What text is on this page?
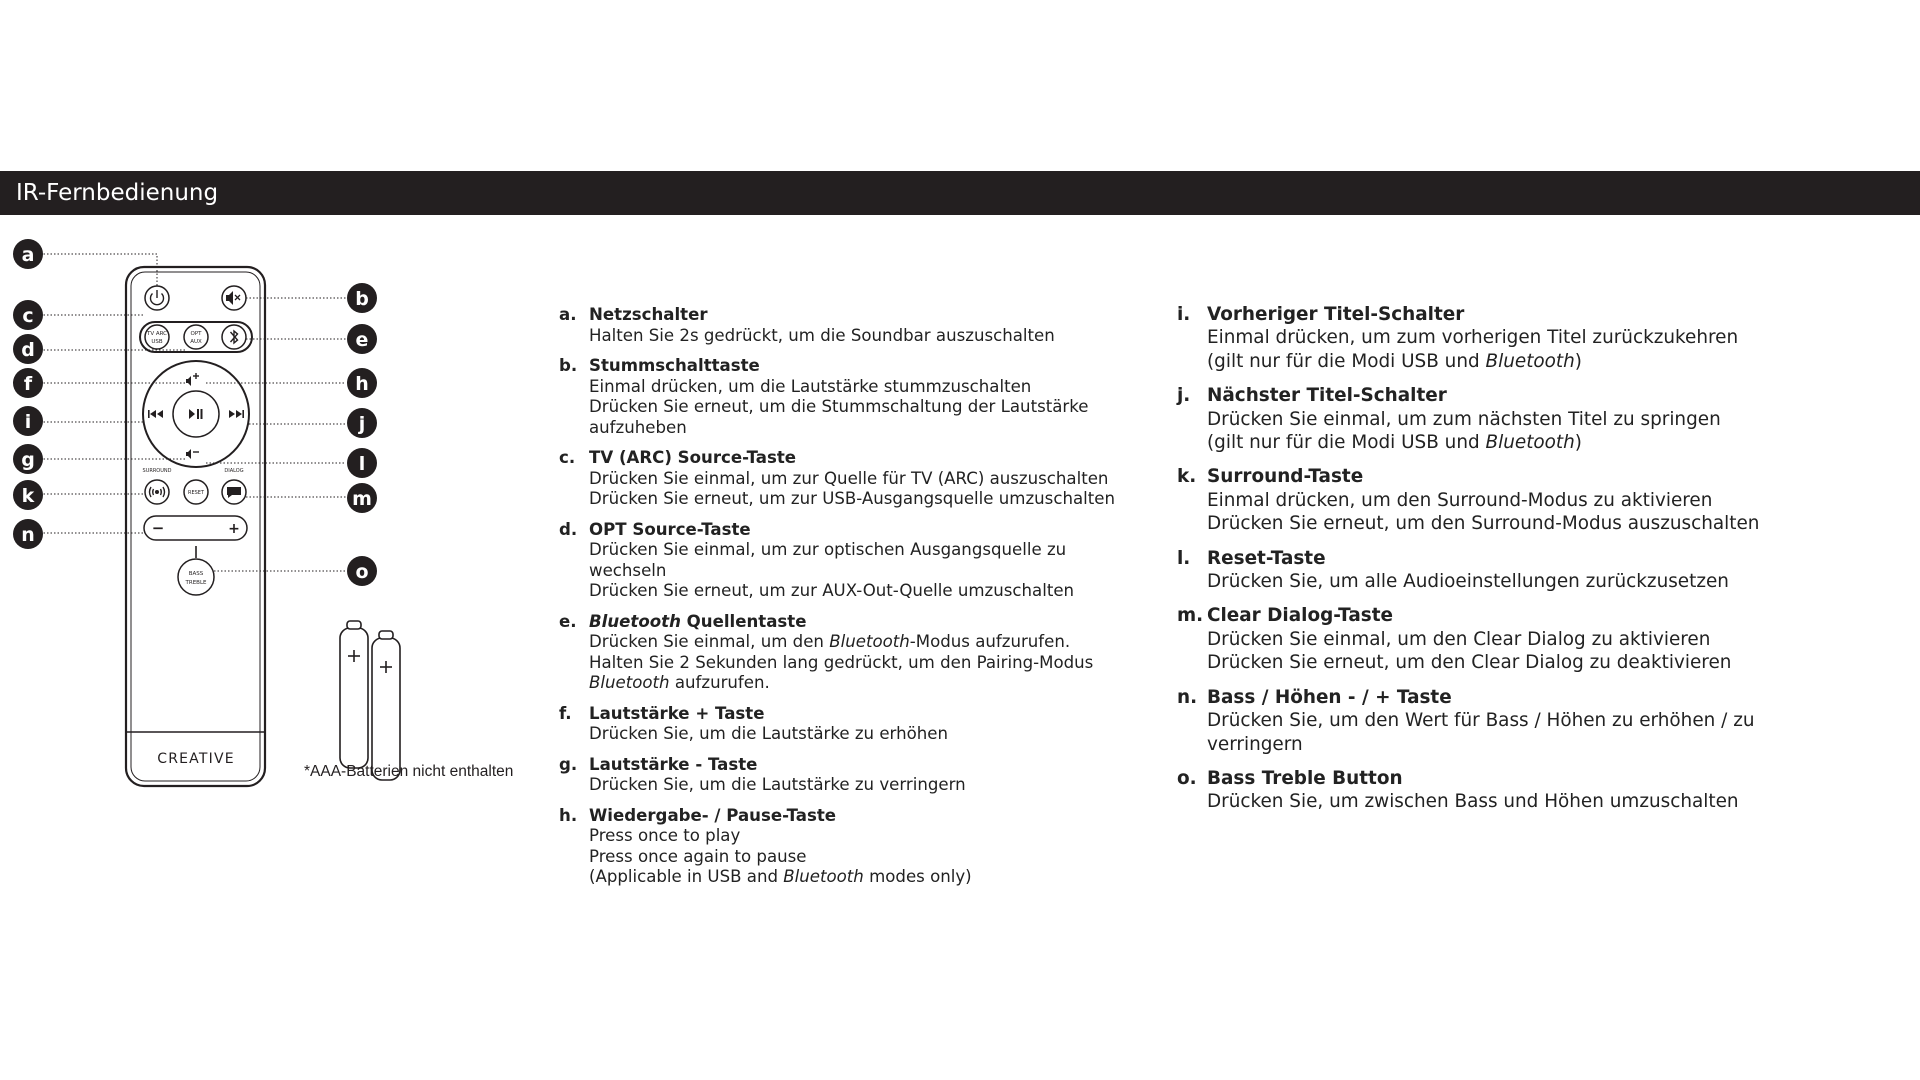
IR-Fernbedienung
TV ARC
USB
OPT
AUX
SURROUND	DIALOG
RESET
BASS
TREBLE
−	+
CREATIVE
a
b
c
d	e
f
g
h
i	j
k
l
m
n
o
*AAA-Batterien nicht enthalten
a. Netzschalter
Halten Sie 2s gedrückt, um die Soundbar auszuschalten
b. Stummschalttaste
Einmal drücken, um die Lautstärke stummzuschalten
Drücken Sie erneut, um die Stummschaltung der Lautstärke aufzuheben
c. TV (ARC) Source-Taste
Drücken Sie einmal, um zur Quelle für TV (ARC) auszuschalten
Drücken Sie erneut, um zur USB-Ausgangsquelle umzuschalten
d. OPT Source-Taste
Drücken Sie einmal, um zur optischen Ausgangsquelle zu wechseln
Drücken Sie erneut, um zur AUX-Out-Quelle umzuschalten
e. Bluetooth Quellentaste
Drücken Sie einmal, um den Bluetooth-Modus aufzurufen. Halten Sie 2 Sekunden lang gedrückt, um den Pairing-Modus Bluetooth aufzurufen.
f. Lautstärke + Taste
Drücken Sie, um die Lautstärke zu erhöhen
g. Lautstärke - Taste
Drücken Sie, um die Lautstärke zu verringern
h. Wiedergabe- / Pause-Taste
Press once to play
Press once again to pause
(Applicable in USB and Bluetooth modes only)
i. Vorheriger Titel-Schalter
Einmal drücken, um zum vorherigen Titel zurückzukehren
(gilt nur für die Modi USB und Bluetooth)
j. Nächster Titel-Schalter
Drücken Sie einmal, um zum nächsten Titel zu springen
(gilt nur für die Modi USB und Bluetooth)
k. Surround-Taste
Einmal drücken, um den Surround-Modus zu aktivieren
Drücken Sie erneut, um den Surround-Modus auszuschalten
l. Reset-Taste
Drücken Sie, um alle Audioeinstellungen zurückzusetzen
m. Clear Dialog-Taste
Drücken Sie einmal, um den Clear Dialog zu aktivieren
Drücken Sie erneut, um den Clear Dialog zu deaktivieren
n. Bass / Höhen - / + Taste
Drücken Sie, um den Wert für Bass / Höhen zu erhöhen / zu verringern
o. Bass Treble Button
Drücken Sie, um zwischen Bass und Höhen umzuschalten
